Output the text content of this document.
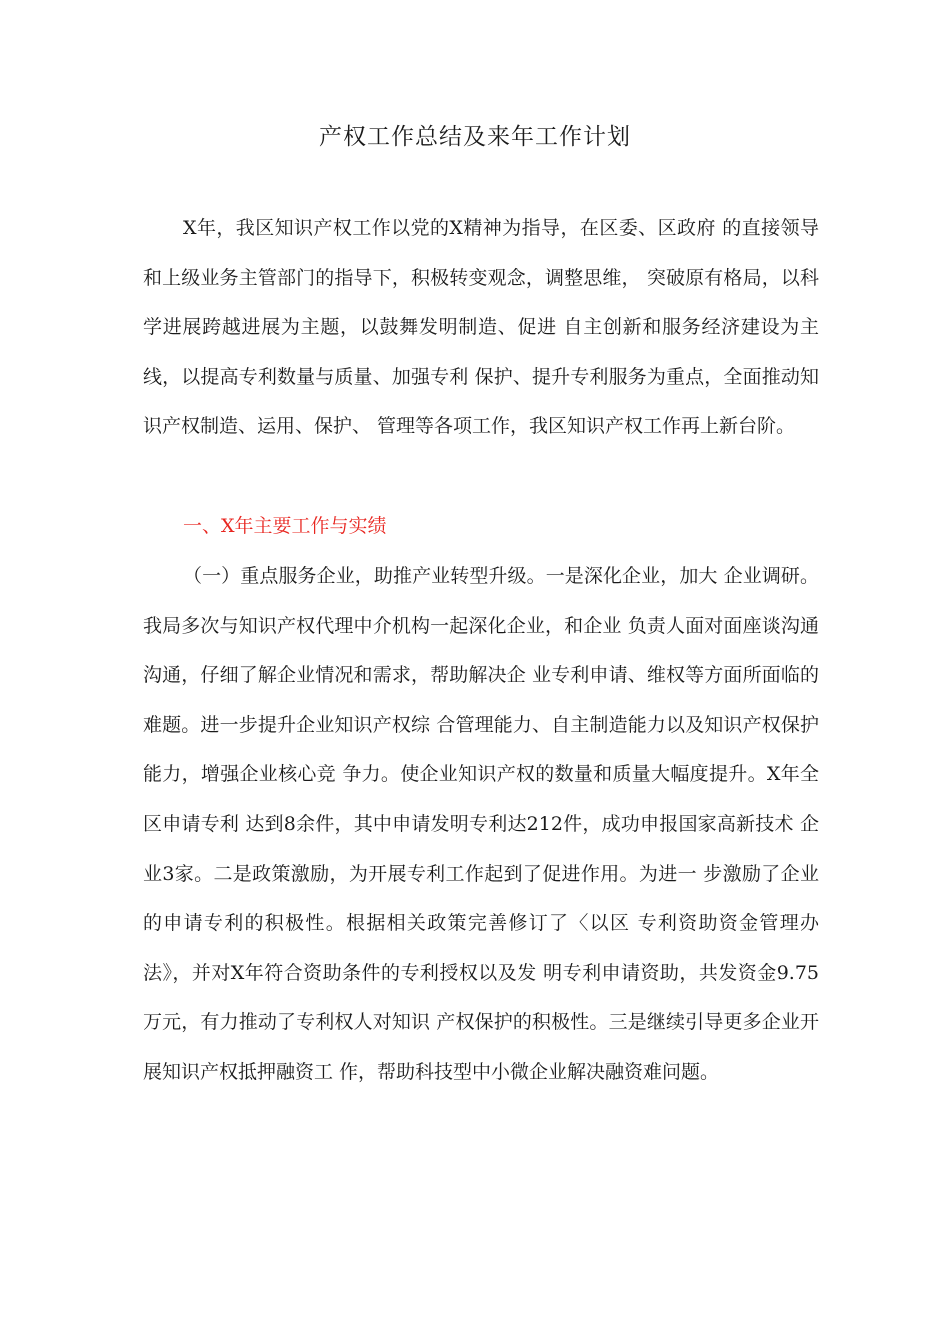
产权工作总结及来年工作计划

X年，我区知识产权工作以党的X精神为指导，在区委、区政府 的直接领导和上级业务主管部门的指导下，积极转变观念，调整思维， 突破原有格局，以科学进展跨越进展为主题，以鼓舞发明制造、促进 自主创新和服务经济建设为主线，以提高专利数量与质量、加强专利 保护、提升专利服务为重点，全面推动知识产权制造、运用、保护、 管理等各项工作，我区知识产权工作再上新台阶。

一、X年主要工作与实绩

（一）重点服务企业，助推产业转型升级。一是深化企业，加大 企业调研。我局多次与知识产权代理中介机构一起深化企业，和企业 负责人面对面座谈沟通沟通，仔细了解企业情况和需求，帮助解决企 业专利申请、维权等方面所面临的难题。进一步提升企业知识产权综 合管理能力、自主制造能力以及知识产权保护能力，增强企业核心竞 争力。使企业知识产权的数量和质量大幅度提升。X年全区申请专利 达到8余件，其中申请发明专利达212件，成功申报国家高新技术 企业3家。二是政策激励，为开展专利工作起到了促进作用。为进一 步激励了企业的申请专利的积极性。根据相关政策完善修订了〈以区 专利资助资金管理办法》，并对X年符合资助条件的专利授权以及发 明专利申请资助，共发资金9.75万元，有力推动了专利权人对知识 产权保护的积极性。三是继续引导更多企业开展知识产权抵押融资工 作，帮助科技型中小微企业解决融资难问题。
